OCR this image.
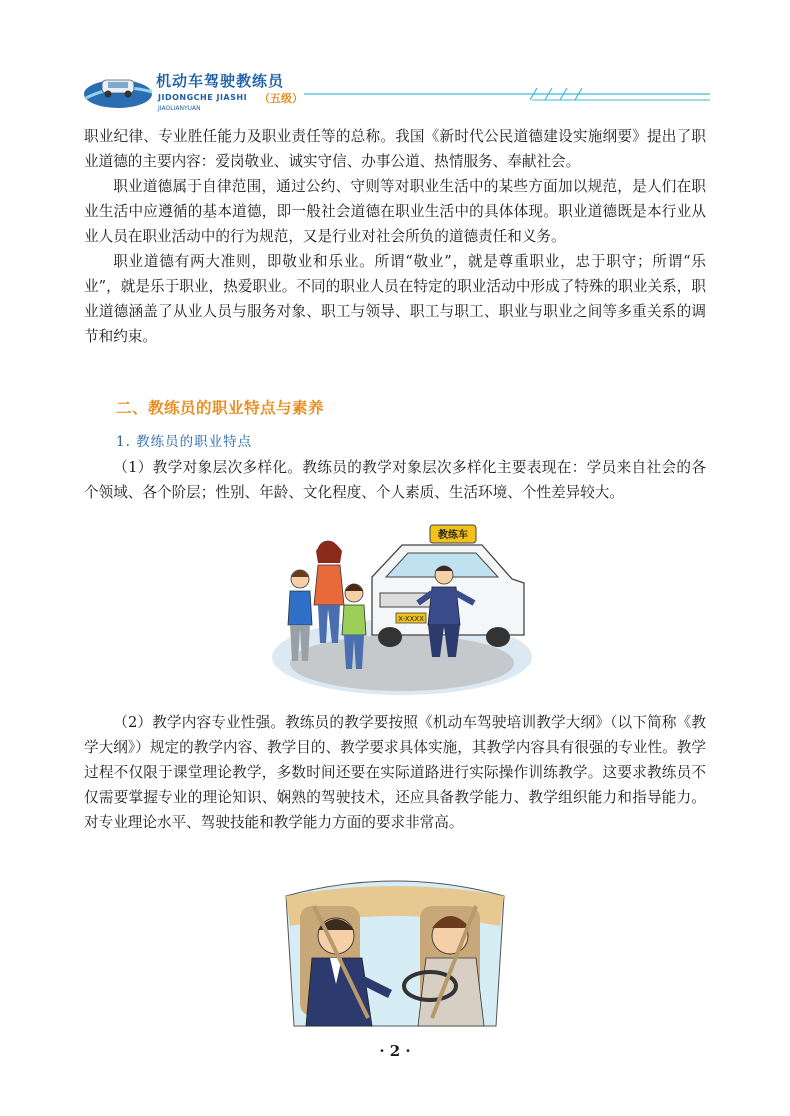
机动车驾驶教练员
JIDONGCHE JIASHI
JIAOLIANYUAN
（五级）

职业纪律、专业胜任能力及职业责任等的总称。我国《新时代公民道德建设实施纲要》提出了职业道德的主要内容：爱岗敬业、诚实守信、办事公道、热情服务、奉献社会。

职业道德属于自律范围，通过公约、守则等对职业生活中的某些方面加以规范，是人们在职业生活中应遵循的基本道德，即一般社会道德在职业生活中的具体体现。职业道德既是本行业从业人员在职业活动中的行为规范，又是行业对社会所负的道德责任和义务。

职业道德有两大准则，即敬业和乐业。所谓“敬业”，就是尊重职业，忠于职守；所谓“乐业”，就是乐于职业，热爱职业。不同的职业人员在特定的职业活动中形成了特殊的职业关系，职业道德涵盖了从业人员与服务对象、职工与领导、职工与职工、职业与职业之间等多重关系的调节和约束。

二、教练员的职业特点与素养
1. 教练员的职业特点

（1）教学对象层次多样化。教练员的教学对象层次多样化主要表现在：学员来自社会的各个领域、各个阶层；性别、年龄、文化程度、个人素质、生活环境、个性差异较大。

教练车
X-XXXX

（2）教学内容专业性强。教练员的教学要按照《机动车驾驶培训教学大纲》（以下简称《教学大纲》）规定的教学内容、教学目的、教学要求具体实施，其教学内容具有很强的专业性。教学过程不仅限于课堂理论教学，多数时间还要在实际道路进行实际操作训练教学。这要求教练员不仅需要掌握专业的理论知识、娴熟的驾驶技术，还应具备教学能力、教学组织能力和指导能力。对专业理论水平、驾驶技能和教学能力方面的要求非常高。

· 2 ·
